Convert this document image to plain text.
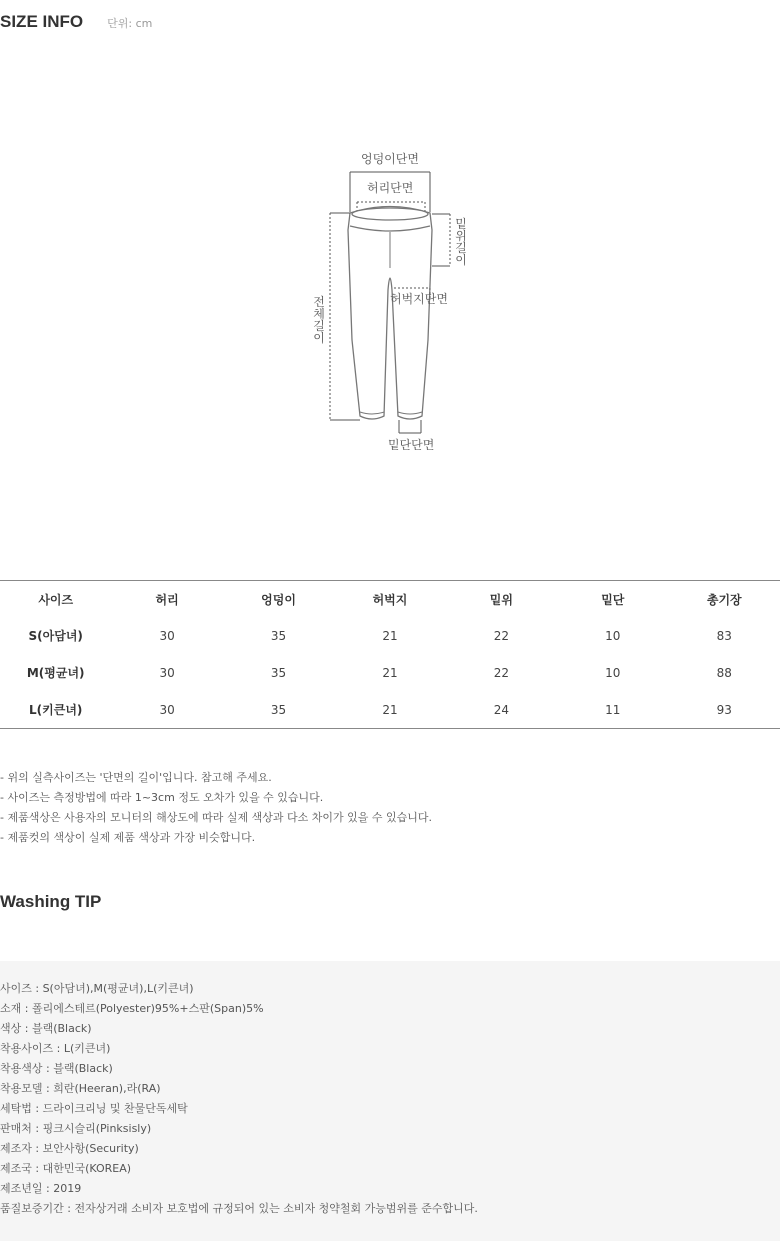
SIZE INFO 단위: cm
엉덩이단면
허리단면
밑위길이
허벅지단면
전체길이
밑단단면
사이즈	허리	엉덩이	허벅지	밑위	밑단	총기장
S(아담녀)	30	35	21	22	10	83
M(평균녀)	30	35	21	22	10	88
L(키큰녀)	30	35	21	24	11	93
- 위의 실측사이즈는 '단면의 길이'입니다. 참고해 주세요.
- 사이즈는 측정방법에 따라 1~3cm 정도 오차가 있을 수 있습니다.
- 제품색상은 사용자의 모니터의 해상도에 따라 실제 색상과 다소 차이가 있을 수 있습니다.
- 제품컷의 색상이 실제 제품 색상과 가장 비슷합니다.
Washing TIP
사이즈 : S(아담녀),M(평균녀),L(키큰녀)
소재 : 폴리에스테르(Polyester)95%+스판(Span)5%
색상 : 블랙(Black)
착용사이즈 : L(키큰녀)
착용색상 : 블랙(Black)
착용모델 : 희란(Heeran),라(RA)
세탁법 : 드라이크리닝 및 찬물단독세탁
판매처 : 핑크시슬리(Pinksisly)
제조자 : 보안사항(Security)
제조국 : 대한민국(KOREA)
제조년일 : 2019
품질보증기간 : 전자상거래 소비자 보호법에 규정되어 있는 소비자 청약철회 가능범위를 준수합니다.
